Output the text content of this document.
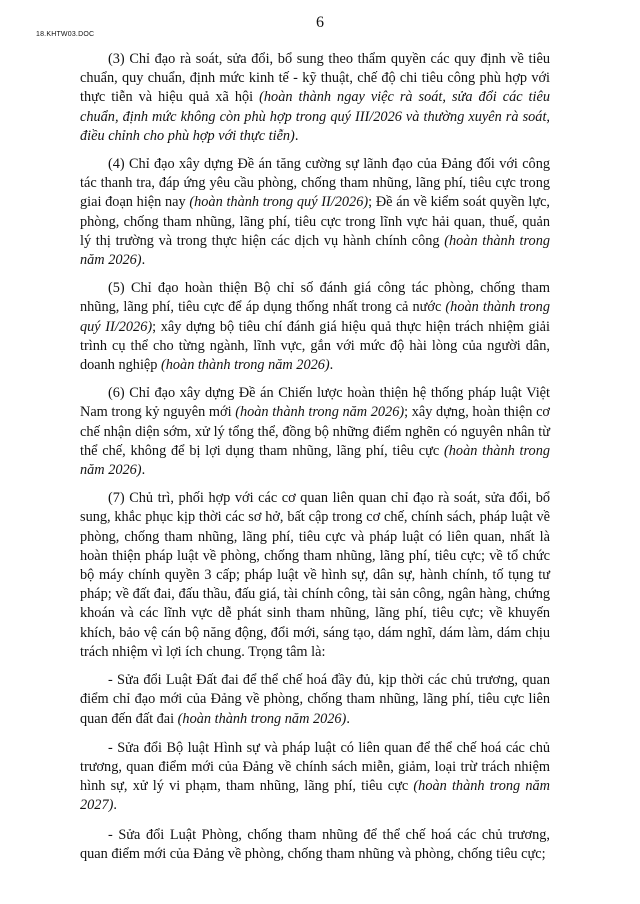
18.KHTW03.DOC
6

(3) Chỉ đạo rà soát, sửa đổi, bổ sung theo thẩm quyền các quy định về tiêu chuẩn, quy chuẩn, định mức kinh tế - kỹ thuật, chế độ chi tiêu công phù hợp với thực tiễn và hiệu quả xã hội (hoàn thành ngay việc rà soát, sửa đổi các tiêu chuẩn, định mức không còn phù hợp trong quý III/2026 và thường xuyên rà soát, điều chỉnh cho phù hợp với thực tiễn).

(4) Chỉ đạo xây dựng Đề án tăng cường sự lãnh đạo của Đảng đối với công tác thanh tra, đáp ứng yêu cầu phòng, chống tham nhũng, lãng phí, tiêu cực trong giai đoạn hiện nay (hoàn thành trong quý II/2026); Đề án về kiểm soát quyền lực, phòng, chống tham nhũng, lãng phí, tiêu cực trong lĩnh vực hải quan, thuế, quản lý thị trường và trong thực hiện các dịch vụ hành chính công (hoàn thành trong năm 2026).

(5) Chỉ đạo hoàn thiện Bộ chỉ số đánh giá công tác phòng, chống tham nhũng, lãng phí, tiêu cực để áp dụng thống nhất trong cả nước (hoàn thành trong quý II/2026); xây dựng bộ tiêu chí đánh giá hiệu quả thực hiện trách nhiệm giải trình cụ thể cho từng ngành, lĩnh vực, gắn với mức độ hài lòng của người dân, doanh nghiệp (hoàn thành trong năm 2026).

(6) Chỉ đạo xây dựng Đề án Chiến lược hoàn thiện hệ thống pháp luật Việt Nam trong kỷ nguyên mới (hoàn thành trong năm 2026); xây dựng, hoàn thiện cơ chế nhận diện sớm, xử lý tổng thể, đồng bộ những điểm nghẽn có nguyên nhân từ thể chế, không để bị lợi dụng tham nhũng, lãng phí, tiêu cực (hoàn thành trong năm 2026).

(7) Chủ trì, phối hợp với các cơ quan liên quan chỉ đạo rà soát, sửa đổi, bổ sung, khắc phục kịp thời các sơ hở, bất cập trong cơ chế, chính sách, pháp luật về phòng, chống tham nhũng, lãng phí, tiêu cực và pháp luật có liên quan, nhất là hoàn thiện pháp luật về phòng, chống tham nhũng, lãng phí, tiêu cực; về tổ chức bộ máy chính quyền 3 cấp; pháp luật về hình sự, dân sự, hành chính, tố tụng tư pháp; về đất đai, đấu thầu, đấu giá, tài chính công, tài sản công, ngân hàng, chứng khoán và các lĩnh vực dễ phát sinh tham nhũng, lãng phí, tiêu cực; về khuyến khích, bảo vệ cán bộ năng động, đổi mới, sáng tạo, dám nghĩ, dám làm, dám chịu trách nhiệm vì lợi ích chung. Trọng tâm là:

- Sửa đổi Luật Đất đai để thể chế hoá đầy đủ, kịp thời các chủ trương, quan điểm chỉ đạo mới của Đảng về phòng, chống tham nhũng, lãng phí, tiêu cực liên quan đến đất đai (hoàn thành trong năm 2026).

- Sửa đổi Bộ luật Hình sự và pháp luật có liên quan để thể chế hoá các chủ trương, quan điểm mới của Đảng về chính sách miễn, giảm, loại trừ trách nhiệm hình sự, xử lý vi phạm, tham nhũng, lãng phí, tiêu cực (hoàn thành trong năm 2027).

- Sửa đổi Luật Phòng, chống tham nhũng để thể chế hoá các chủ trương, quan điểm mới của Đảng về phòng, chống tham nhũng và phòng, chống tiêu cực;
